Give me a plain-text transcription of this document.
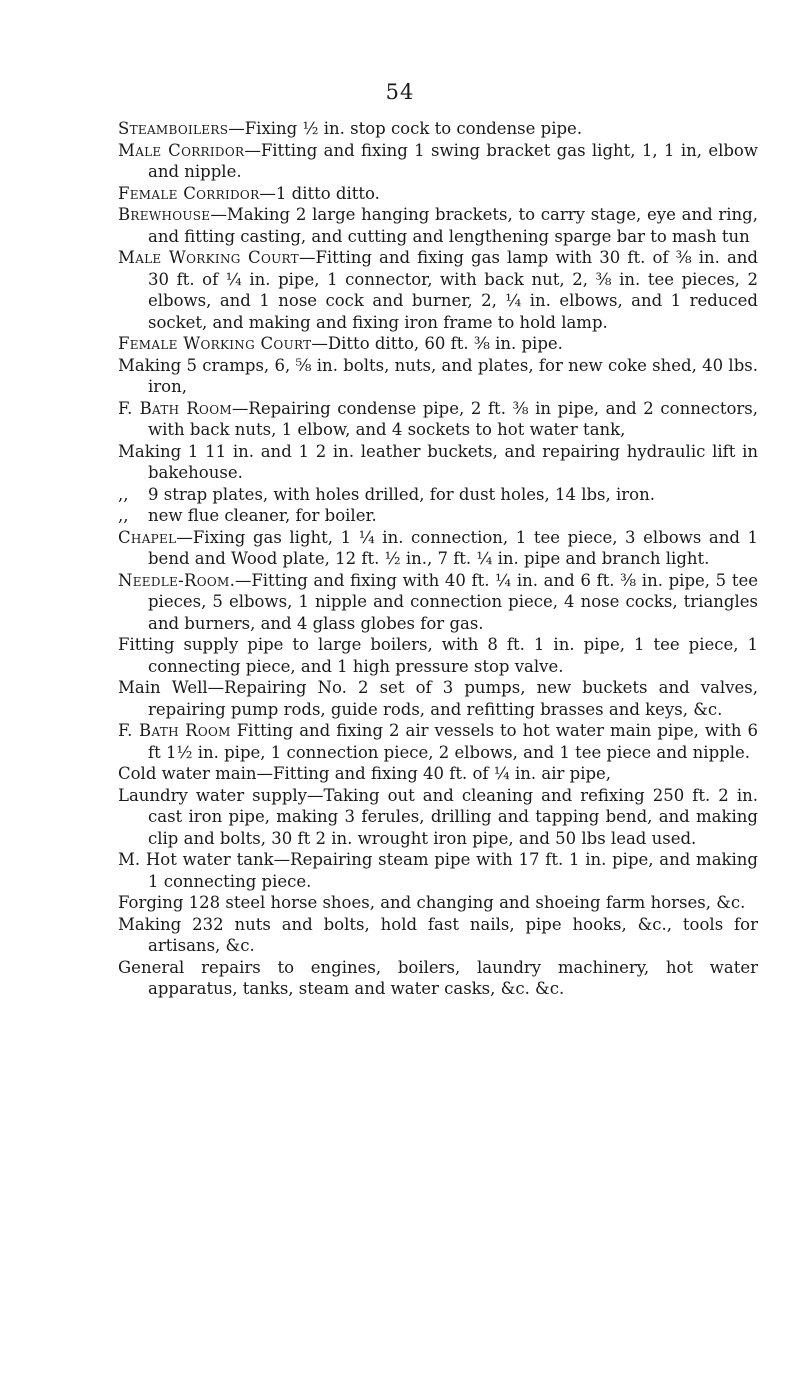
54

Steamboilers—Fixing ½ in. stop cock to condense pipe.

Male Corridor—Fitting and fixing 1 swing bracket gas light, 1, 1 in, elbow and nipple.

Female Corridor—1 ditto ditto.

Brewhouse—Making 2 large hanging brackets, to carry stage, eye and ring, and fitting casting, and cutting and lengthening sparge bar to mash tun

Male Working Court—Fitting and fixing gas lamp with 30 ft. of ⅜ in. and 30 ft. of ¼ in. pipe, 1 connector, with back nut, 2, ⅜ in. tee pieces, 2 elbows, and 1 nose cock and burner, 2, ¼ in. elbows, and 1 reduced socket, and making and fixing iron frame to hold lamp.

Female Working Court—Ditto ditto, 60 ft. ⅜ in. pipe.

Making 5 cramps, 6, ⅝ in. bolts, nuts, and plates, for new coke shed, 40 lbs. iron,

F. Bath Room—Repairing condense pipe, 2 ft. ⅜ in pipe, and 2 connectors, with back nuts, 1 elbow, and 4 sockets to hot water tank,

Making 1 11 in. and 1 2 in. leather buckets, and repairing hydraulic lift in bakehouse.

,, 9 strap plates, with holes drilled, for dust holes, 14 lbs, iron.

,, new flue cleaner, for boiler.

Chapel—Fixing gas light, 1 ¼ in. connection, 1 tee piece, 3 elbows and 1 bend and Wood plate, 12 ft. ½ in., 7 ft. ¼ in. pipe and branch light.

Needle-Room.—Fitting and fixing with 40 ft. ¼ in. and 6 ft. ⅜ in. pipe, 5 tee pieces, 5 elbows, 1 nipple and connection piece, 4 nose cocks, triangles and burners, and 4 glass globes for gas.

Fitting supply pipe to large boilers, with 8 ft. 1 in. pipe, 1 tee piece, 1 connecting piece, and 1 high pressure stop valve.

Main Well—Repairing No. 2 set of 3 pumps, new buckets and valves, repairing pump rods, guide rods, and refitting brasses and keys, &c.

F. Bath Room Fitting and fixing 2 air vessels to hot water main pipe, with 6 ft 1½ in. pipe, 1 connection piece, 2 elbows, and 1 tee piece and nipple.

Cold water main—Fitting and fixing 40 ft. of ¼ in. air pipe,

Laundry water supply—Taking out and cleaning and refixing 250 ft. 2 in. cast iron pipe, making 3 ferules, drilling and tapping bend, and making clip and bolts, 30 ft 2 in. wrought iron pipe, and 50 lbs lead used.

M. Hot water tank—Repairing steam pipe with 17 ft. 1 in. pipe, and making 1 connecting piece.

Forging 128 steel horse shoes, and changing and shoeing farm horses, &c.

Making 232 nuts and bolts, hold fast nails, pipe hooks, &c., tools for artisans, &c.

General repairs to engines, boilers, laundry machinery, hot water apparatus, tanks, steam and water casks, &c. &c.
